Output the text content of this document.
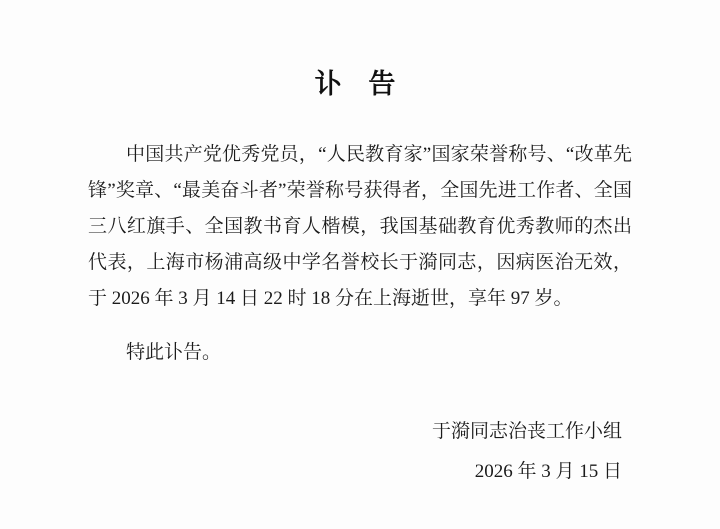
讣 告

中国共产党优秀党员，“人民教育家”国家荣誉称号、“改革先锋”奖章、“最美奋斗者”荣誉称号获得者，全国先进工作者、全国三八红旗手、全国教书育人楷模，我国基础教育优秀教师的杰出代表，上海市杨浦高级中学名誉校长于漪同志，因病医治无效，于 2026 年 3 月 14 日 22 时 18 分在上海逝世，享年 97 岁。

特此讣告。

于漪同志治丧工作小组
2026 年 3 月 15 日
